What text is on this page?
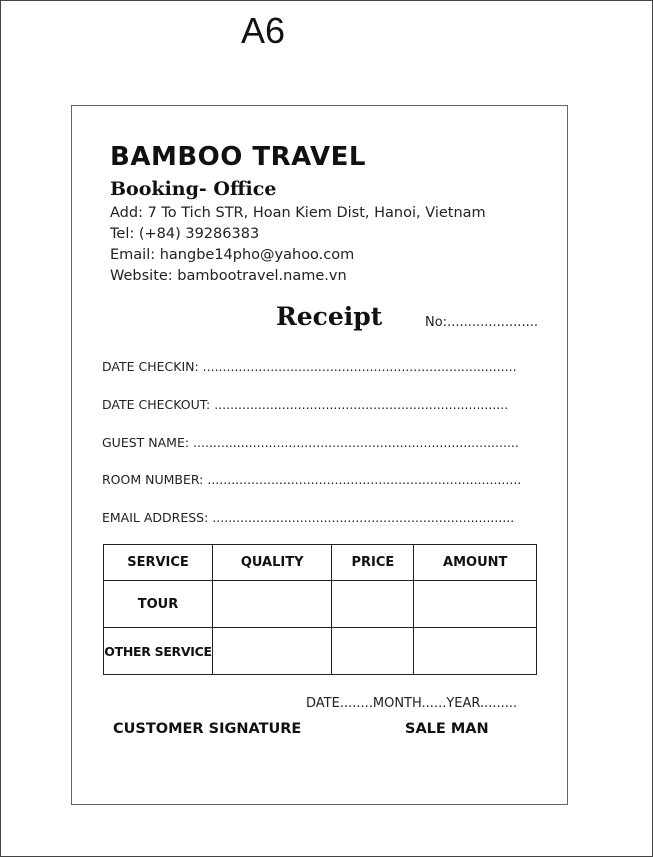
A6
BAMBOO TRAVEL
Booking- Office
Add: 7 To Tich STR, Hoan Kiem Dist, Hanoi, Vietnam
Tel: (+84) 39286383
Email: hangbe14pho@yahoo.com
Website: bambootravel.name.vn
Receipt	No:......................
DATE CHECKIN: ...............................................................................
DATE CHECKOUT: ..........................................................................
GUEST NAME: ..................................................................................
ROOM NUMBER: ...............................................................................
EMAIL ADDRESS: ............................................................................
SERVICE	QUALITY	PRICE	AMOUNT
TOUR			
OTHER SERVICE			
DATE........MONTH......YEAR.........
CUSTOMER SIGNATURE	SALE MAN
